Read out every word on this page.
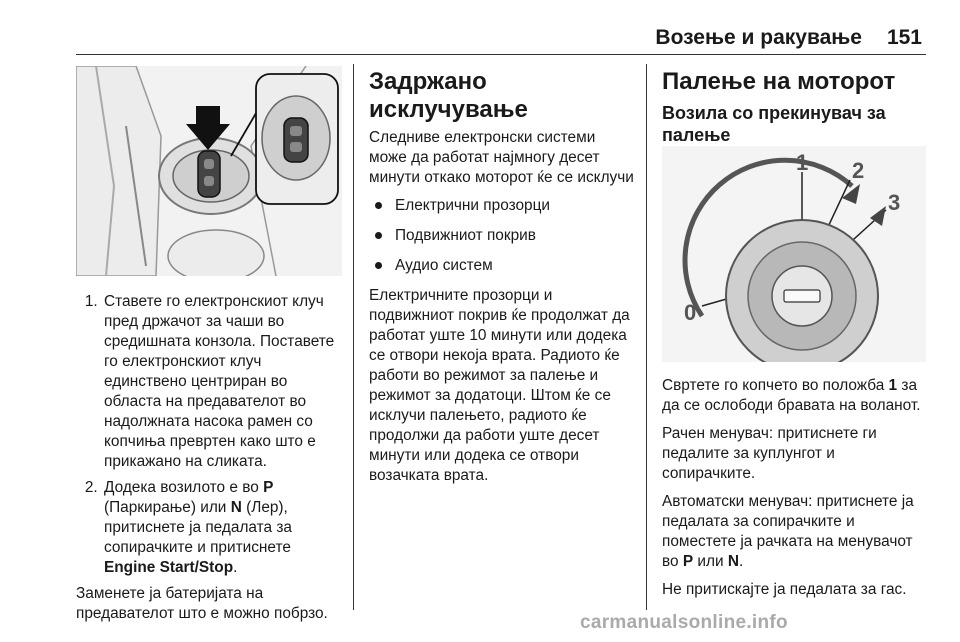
Возење и ракување 151
1. Ставете го електронскиот клуч пред држачот за чаши во средишната конзола. Поставете го електронскиот клуч единствено центриран во областа на предавателот во надолжната насока рамен со копчиња превртен како што е прикажано на сликата.
2. Додека возилото е во P (Паркирање) или N (Лер), притиснете ја педалата за сопирачките и притиснете Engine Start/Stop.

Заменете ја батеријата на предавателот што е можно побрзо.

Задржано исклучување

Следниве електронски системи може да работат најмногу десет минути откако моторот ќе се исклучи

Електрични прозорци
Подвижниот покрив
Аудио систем

Електричните прозорци и подвижниот покрив ќе продолжат да работат уште 10 минути или додека се отвори некоја врата. Радиото ќе работи во режимот за палење и режимот за додатоци. Штом ќе се исклучи палењето, радиото ќе продолжи да работи уште десет минути или додека се отвори возачката врата.

Палење на моторот
Возила со прекинувач за палење
0
1 2
3

Свртете го копчето во положба 1 за да се ослободи бравата на воланот.

Рачен менувач: притиснете ги педалите за куплунгот и сопирачките.

Автоматски менувач: притиснете ја педалата за сопирачките и поместете ја рачката на менувачот во P или N.

Не притискајте ја педалата за гас.

carmanualsonline.info
